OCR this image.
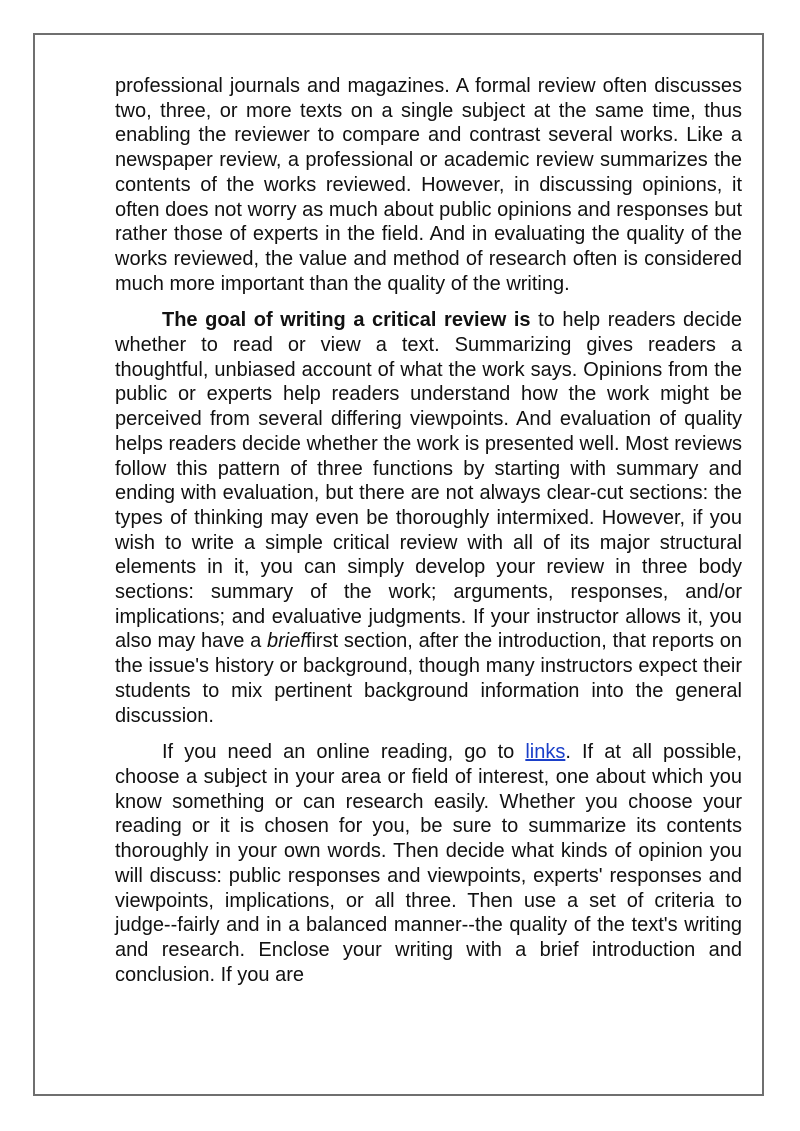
professional journals and magazines. A formal review often discusses two, three, or more texts on a single subject at the same time, thus enabling the reviewer to compare and contrast several works. Like a newspaper review, a professional or academic review summarizes the contents of the works reviewed. However, in discussing opinions, it often does not worry as much about public opinions and responses but rather those of experts in the field. And in evaluating the quality of the works reviewed, the value and method of research often is considered much more important than the quality of the writing.

The goal of writing a critical review is to help readers decide whether to read or view a text. Summarizing gives readers a thoughtful, unbiased account of what the work says. Opinions from the public or experts help readers understand how the work might be perceived from several differing viewpoints. And evaluation of quality helps readers decide whether the work is presented well. Most reviews follow this pattern of three functions by starting with summary and ending with evaluation, but there are not always clear-cut sections: the types of thinking may even be thoroughly intermixed. However, if you wish to write a simple critical review with all of its major structural elements in it, you can simply develop your review in three body sections: summary of the work; arguments, responses, and/or implications; and evaluative judgments. If your instructor allows it, you also may have a brieffirst section, after the introduction, that reports on the issue's history or background, though many instructors expect their students to mix pertinent background information into the general discussion.

If you need an online reading, go to links. If at all possible, choose a subject in your area or field of interest, one about which you know something or can research easily. Whether you choose your reading or it is chosen for you, be sure to summarize its contents thoroughly in your own words. Then decide what kinds of opinion you will discuss: public responses and viewpoints, experts' responses and viewpoints, implications, or all three. Then use a set of criteria to judge--fairly and in a balanced manner--the quality of the text's writing and research. Enclose your writing with a brief introduction and conclusion. If you are
